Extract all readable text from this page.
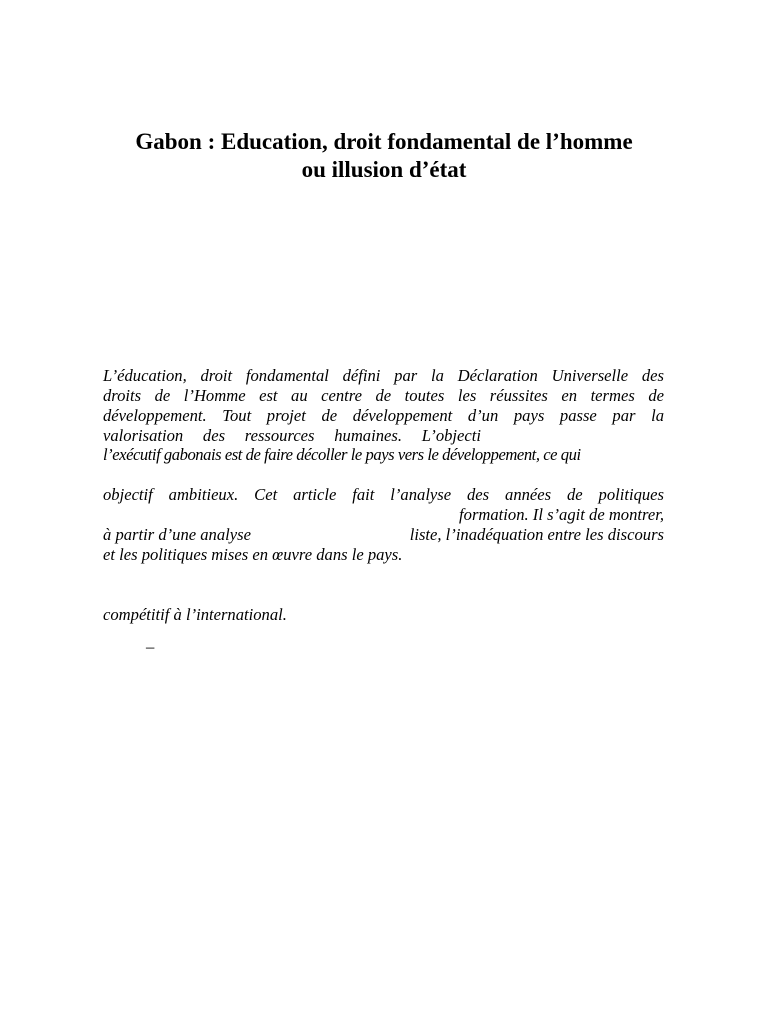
Gabon : Education, droit fondamental de l’homme
ou illusion d’état
L’éducation, droit fondamental défini par la Déclaration Universelle des
droits de l’Homme est au centre de toutes les réussites en termes de
développement. Tout projet de développement d’un pays passe par la
valorisation des ressources humaines. L’objecti
l’exécutif gabonais est de faire décoller le pays vers le développement, ce qui
objectif ambitieux. Cet article fait l’analyse des années de politiques
formation. Il s’agit de montrer,
à partir d’une analyse	liste, l’inadéquation entre les discours
et les politiques mises en œuvre dans le pays.
compétitif à l’international.
–
